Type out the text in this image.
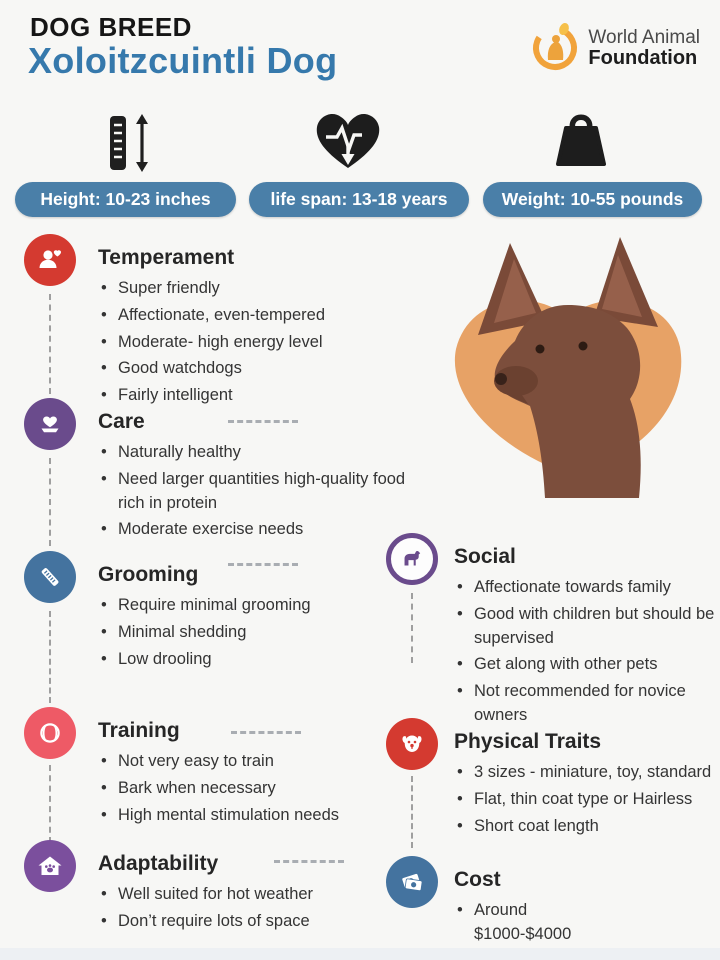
DOG BREED
Xoloitzcuintli Dog
World Animal
Foundation
Height: 10-23 inches	life span: 13-18 years	Weight: 10-55 pounds
Temperament
• Super friendly
• Affectionate, even-tempered
• Moderate- high energy level
• Good watchdogs
• Fairly intelligent
Care
• Naturally healthy
• Need larger quantities high-quality food rich in protein
• Moderate exercise needs
Grooming
• Require minimal grooming
• Minimal shedding
• Low drooling
Training
• Not very easy to train
• Bark when necessary
• High mental stimulation needs
Adaptability
• Well suited for hot weather
• Don’t require lots of space
Social
• Affectionate towards family
• Good with children but should be supervised
• Get along with other pets
• Not recommended for novice owners
Physical Traits
• 3 sizes - miniature, toy, standard
• Flat, thin coat type or Hairless
• Short coat length
Cost
• Around $1000-$4000
